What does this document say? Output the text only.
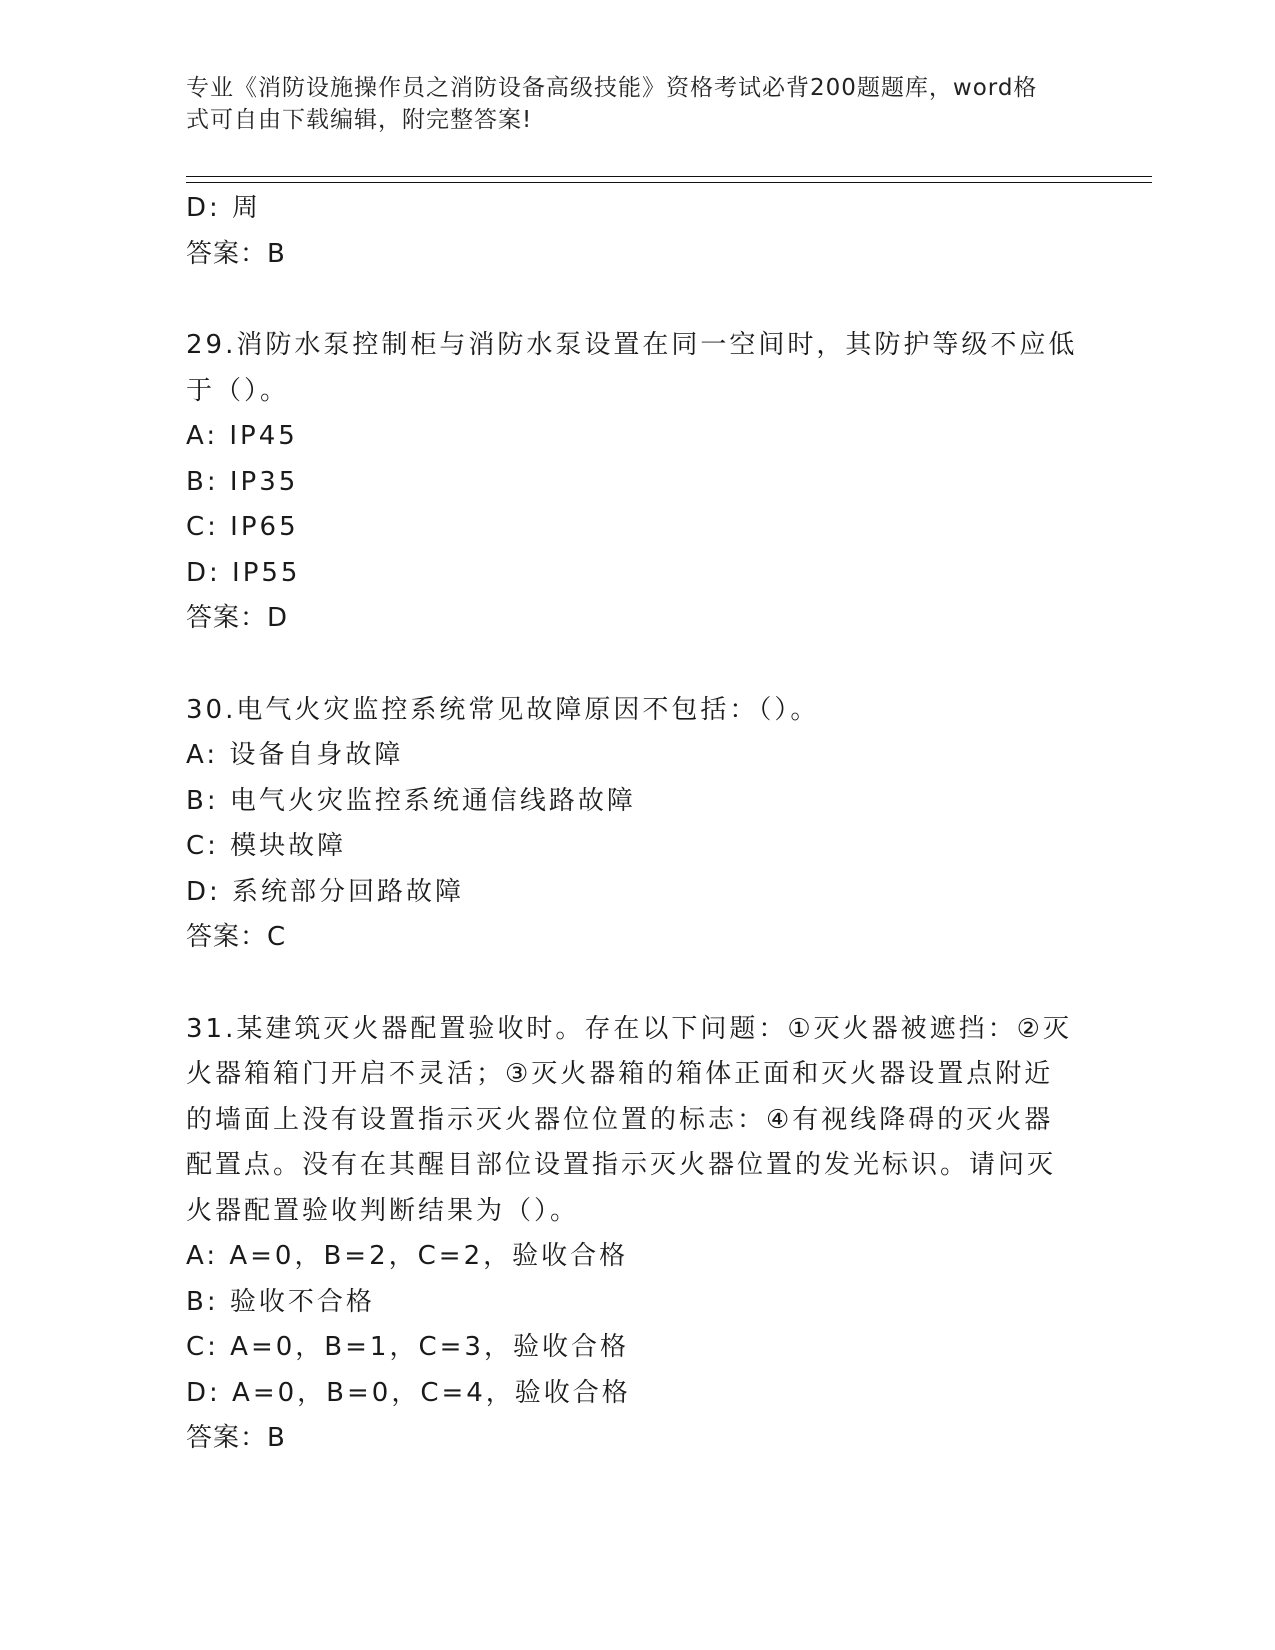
专业《消防设施操作员之消防设备高级技能》资格考试必背200题题库，word格
式可自由下载编辑，附完整答案!
D: 周
答案：B
29.消防水泵控制柜与消防水泵设置在同一空间时，其防护等级不应低
于（）。
A: IP45
B: IP35
C: IP65
D: IP55
答案：D
30.电气火灾监控系统常见故障原因不包括：（）。
A: 设备自身故障
B: 电气火灾监控系统通信线路故障
C: 模块故障
D: 系统部分回路故障
答案：C
31.某建筑灭火器配置验收时。存在以下问题：①灭火器被遮挡：②灭
火器箱箱门开启不灵活；③灭火器箱的箱体正面和灭火器设置点附近
的墙面上没有设置指示灭火器位位置的标志：④有视线降碍的灭火器
配置点。没有在其醒目部位设置指示灭火器位置的发光标识。请问灭
火器配置验收判断结果为（）。
A: A=0，B=2，C=2，验收合格
B: 验收不合格
C: A=0，B=1，C=3，验收合格
D: A=0，B=0，C=4，验收合格
答案：B
